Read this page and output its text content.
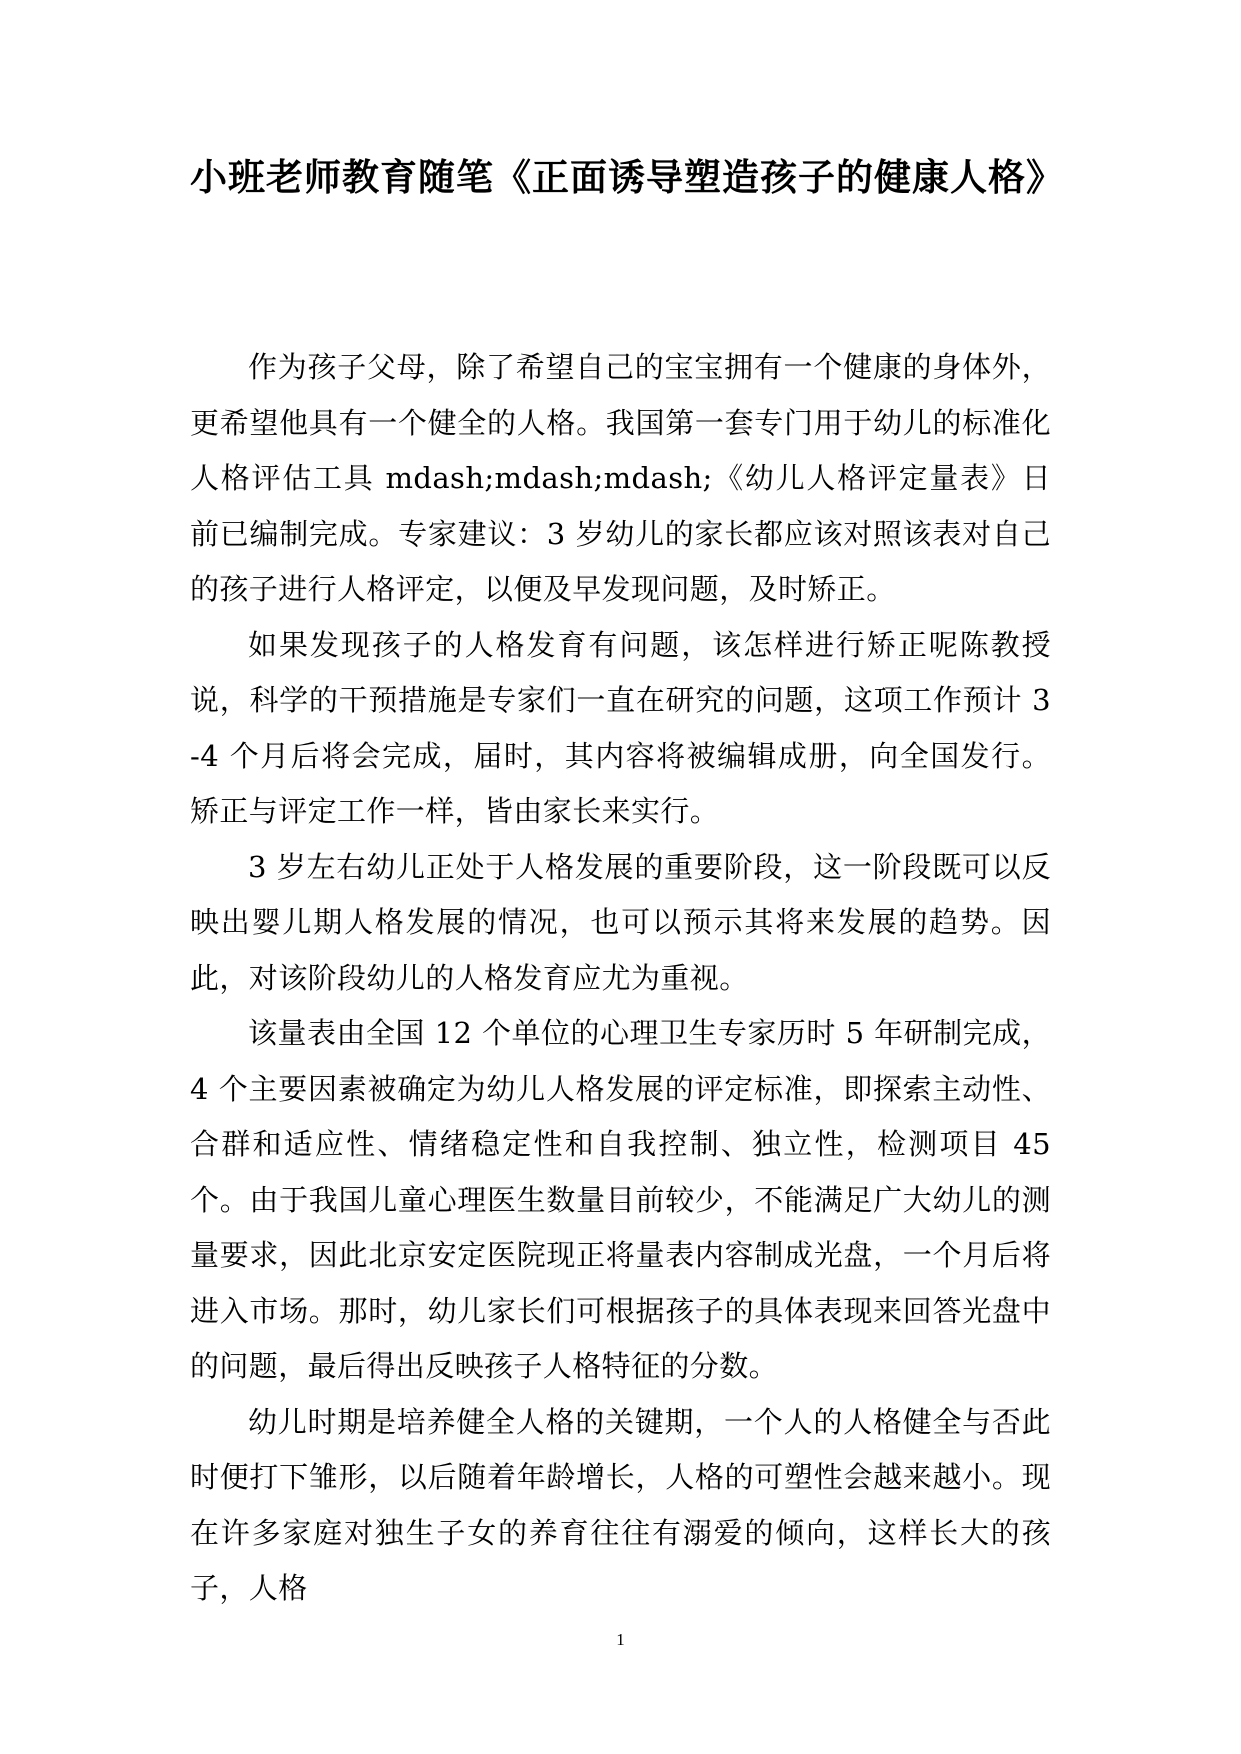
小班老师教育随笔《正面诱导塑造孩子的健康人格》

作为孩子父母，除了希望自己的宝宝拥有一个健康的身体外，更希望他具有一个健全的人格。我国第一套专门用于幼儿的标准化人格评估工具 mdash;mdash;mdash;《幼儿人格评定量表》日前已编制完成。专家建议：3 岁幼儿的家长都应该对照该表对自己的孩子进行人格评定，以便及早发现问题，及时矫正。

如果发现孩子的人格发育有问题，该怎样进行矫正呢陈教授说，科学的干预措施是专家们一直在研究的问题，这项工作预计 3-4 个月后将会完成，届时，其内容将被编辑成册，向全国发行。矫正与评定工作一样，皆由家长来实行。

3 岁左右幼儿正处于人格发展的重要阶段，这一阶段既可以反映出婴儿期人格发展的情况，也可以预示其将来发展的趋势。因此，对该阶段幼儿的人格发育应尤为重视。

该量表由全国 12 个单位的心理卫生专家历时 5 年研制完成，4 个主要因素被确定为幼儿人格发展的评定标准，即探索主动性、合群和适应性、情绪稳定性和自我控制、独立性，检测项目 45 个。由于我国儿童心理医生数量目前较少，不能满足广大幼儿的测量要求，因此北京安定医院现正将量表内容制成光盘，一个月后将进入市场。那时，幼儿家长们可根据孩子的具体表现来回答光盘中的问题，最后得出反映孩子人格特征的分数。

幼儿时期是培养健全人格的关键期，一个人的人格健全与否此时便打下雏形，以后随着年龄增长，人格的可塑性会越来越小。现在许多家庭对独生子女的养育往往有溺爱的倾向，这样长大的孩子，人格

1
